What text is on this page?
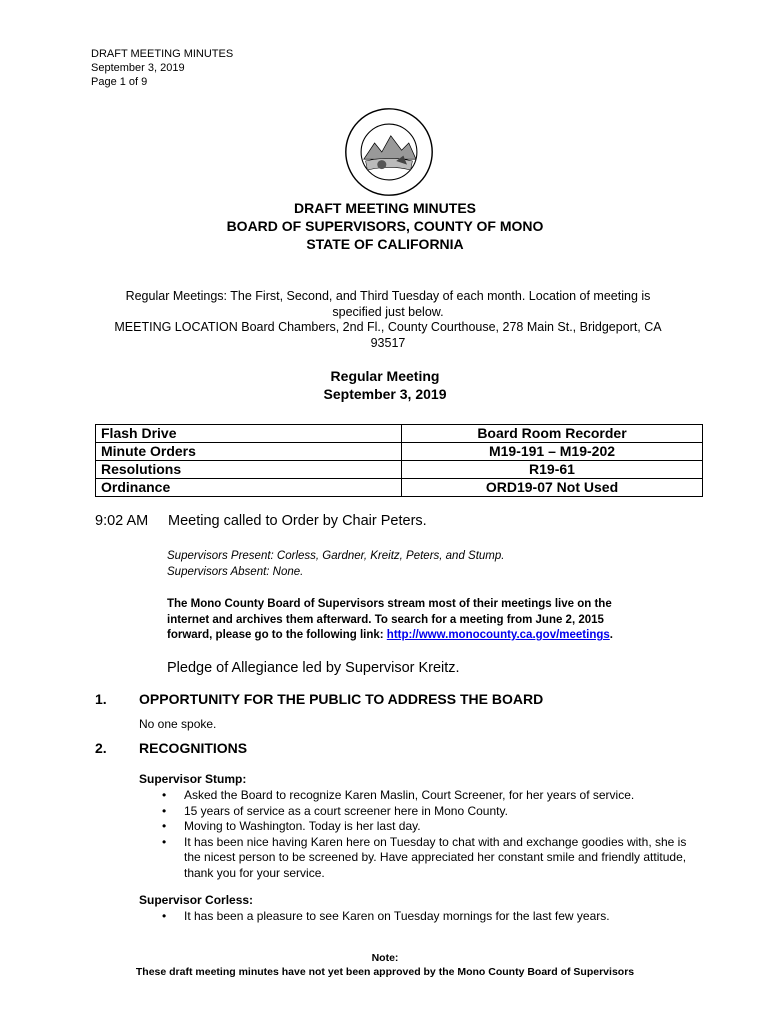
DRAFT MEETING MINUTES
September 3, 2019
Page 1 of 9
DRAFT MEETING MINUTES
BOARD OF SUPERVISORS, COUNTY OF MONO
STATE OF CALIFORNIA
Regular Meetings: The First, Second, and Third Tuesday of each month. Location of meeting is
specified just below.
MEETING LOCATION Board Chambers, 2nd Fl., County Courthouse, 278 Main St., Bridgeport, CA
93517
Regular Meeting
September 3, 2019
Flash Drive	Board Room Recorder
Minute Orders	M19-191 – M19-202
Resolutions	R19-61
Ordinance	ORD19-07 Not Used
9:02 AM Meeting called to Order by Chair Peters.
Supervisors Present: Corless, Gardner, Kreitz, Peters, and Stump.
Supervisors Absent: None.
The Mono County Board of Supervisors stream most of their meetings live on the
internet and archives them afterward. To search for a meeting from June 2, 2015
forward, please go to the following link: http://www.monocounty.ca.gov/meetings.
Pledge of Allegiance led by Supervisor Kreitz.
1. OPPORTUNITY FOR THE PUBLIC TO ADDRESS THE BOARD
No one spoke.
2. RECOGNITIONS
Supervisor Stump:
• Asked the Board to recognize Karen Maslin, Court Screener, for her years of service.
• 15 years of service as a court screener here in Mono County.
• Moving to Washington. Today is her last day.
• It has been nice having Karen here on Tuesday to chat with and exchange goodies with, she is the nicest person to be screened by. Have appreciated her constant smile and friendly attitude, thank you for your service.
Supervisor Corless:
• It has been a pleasure to see Karen on Tuesday mornings for the last few years.
Note:
These draft meeting minutes have not yet been approved by the Mono County Board of Supervisors
